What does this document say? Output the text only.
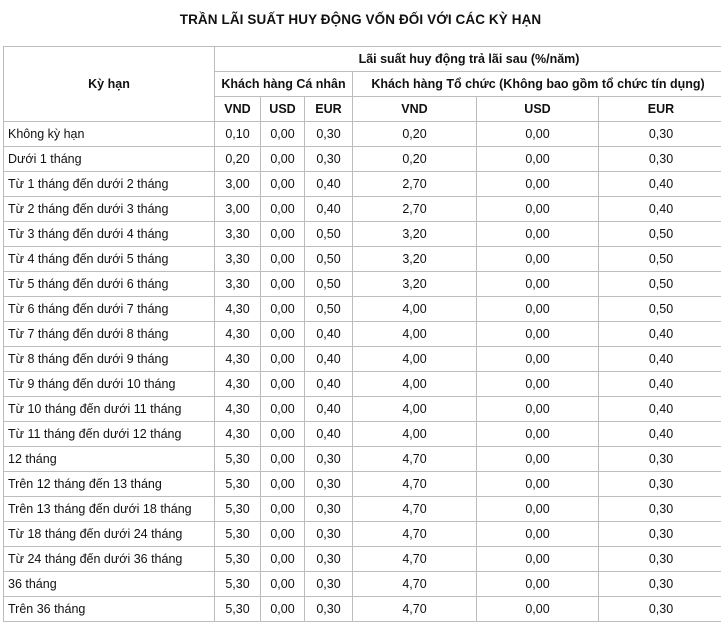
TRẦN LÃI SUẤT HUY ĐỘNG VỐN ĐỐI VỚI CÁC KỲ HẠN
Kỳ hạn	Lãi suất huy động trả lãi sau (%/năm)					
	Khách hàng Cá nhân			Khách hàng Tổ chức (Không bao gồm tổ chức tín dụng)		
	VND	USD	EUR	VND	USD	EUR
Không kỳ hạn	0,10	0,00	0,30	0,20	0,00	0,30
Dưới 1 tháng	0,20	0,00	0,30	0,20	0,00	0,30
Từ 1 tháng đến dưới 2 tháng	3,00	0,00	0,40	2,70	0,00	0,40
Từ 2 tháng đến dưới 3 tháng	3,00	0,00	0,40	2,70	0,00	0,40
Từ 3 tháng đến dưới 4 tháng	3,30	0,00	0,50	3,20	0,00	0,50
Từ 4 tháng đến dưới 5 tháng	3,30	0,00	0,50	3,20	0,00	0,50
Từ 5 tháng đến dưới 6 tháng	3,30	0,00	0,50	3,20	0,00	0,50
Từ 6 tháng đến dưới 7 tháng	4,30	0,00	0,50	4,00	0,00	0,50
Từ 7 tháng đến dưới 8 tháng	4,30	0,00	0,40	4,00	0,00	0,40
Từ 8 tháng đến dưới 9 tháng	4,30	0,00	0,40	4,00	0,00	0,40
Từ 9 tháng đến dưới 10 tháng	4,30	0,00	0,40	4,00	0,00	0,40
Từ 10 tháng đến dưới 11 tháng	4,30	0,00	0,40	4,00	0,00	0,40
Từ 11 tháng đến dưới 12 tháng	4,30	0,00	0,40	4,00	0,00	0,40
12 tháng	5,30	0,00	0,30	4,70	0,00	0,30
Trên 12 tháng đến 13 tháng	5,30	0,00	0,30	4,70	0,00	0,30
Trên 13 tháng đến dưới 18 tháng	5,30	0,00	0,30	4,70	0,00	0,30
Từ 18 tháng đến dưới 24 tháng	5,30	0,00	0,30	4,70	0,00	0,30
Từ 24 tháng đến dưới 36 tháng	5,30	0,00	0,30	4,70	0,00	0,30
36 tháng	5,30	0,00	0,30	4,70	0,00	0,30
Trên 36 tháng	5,30	0,00	0,30	4,70	0,00	0,30
